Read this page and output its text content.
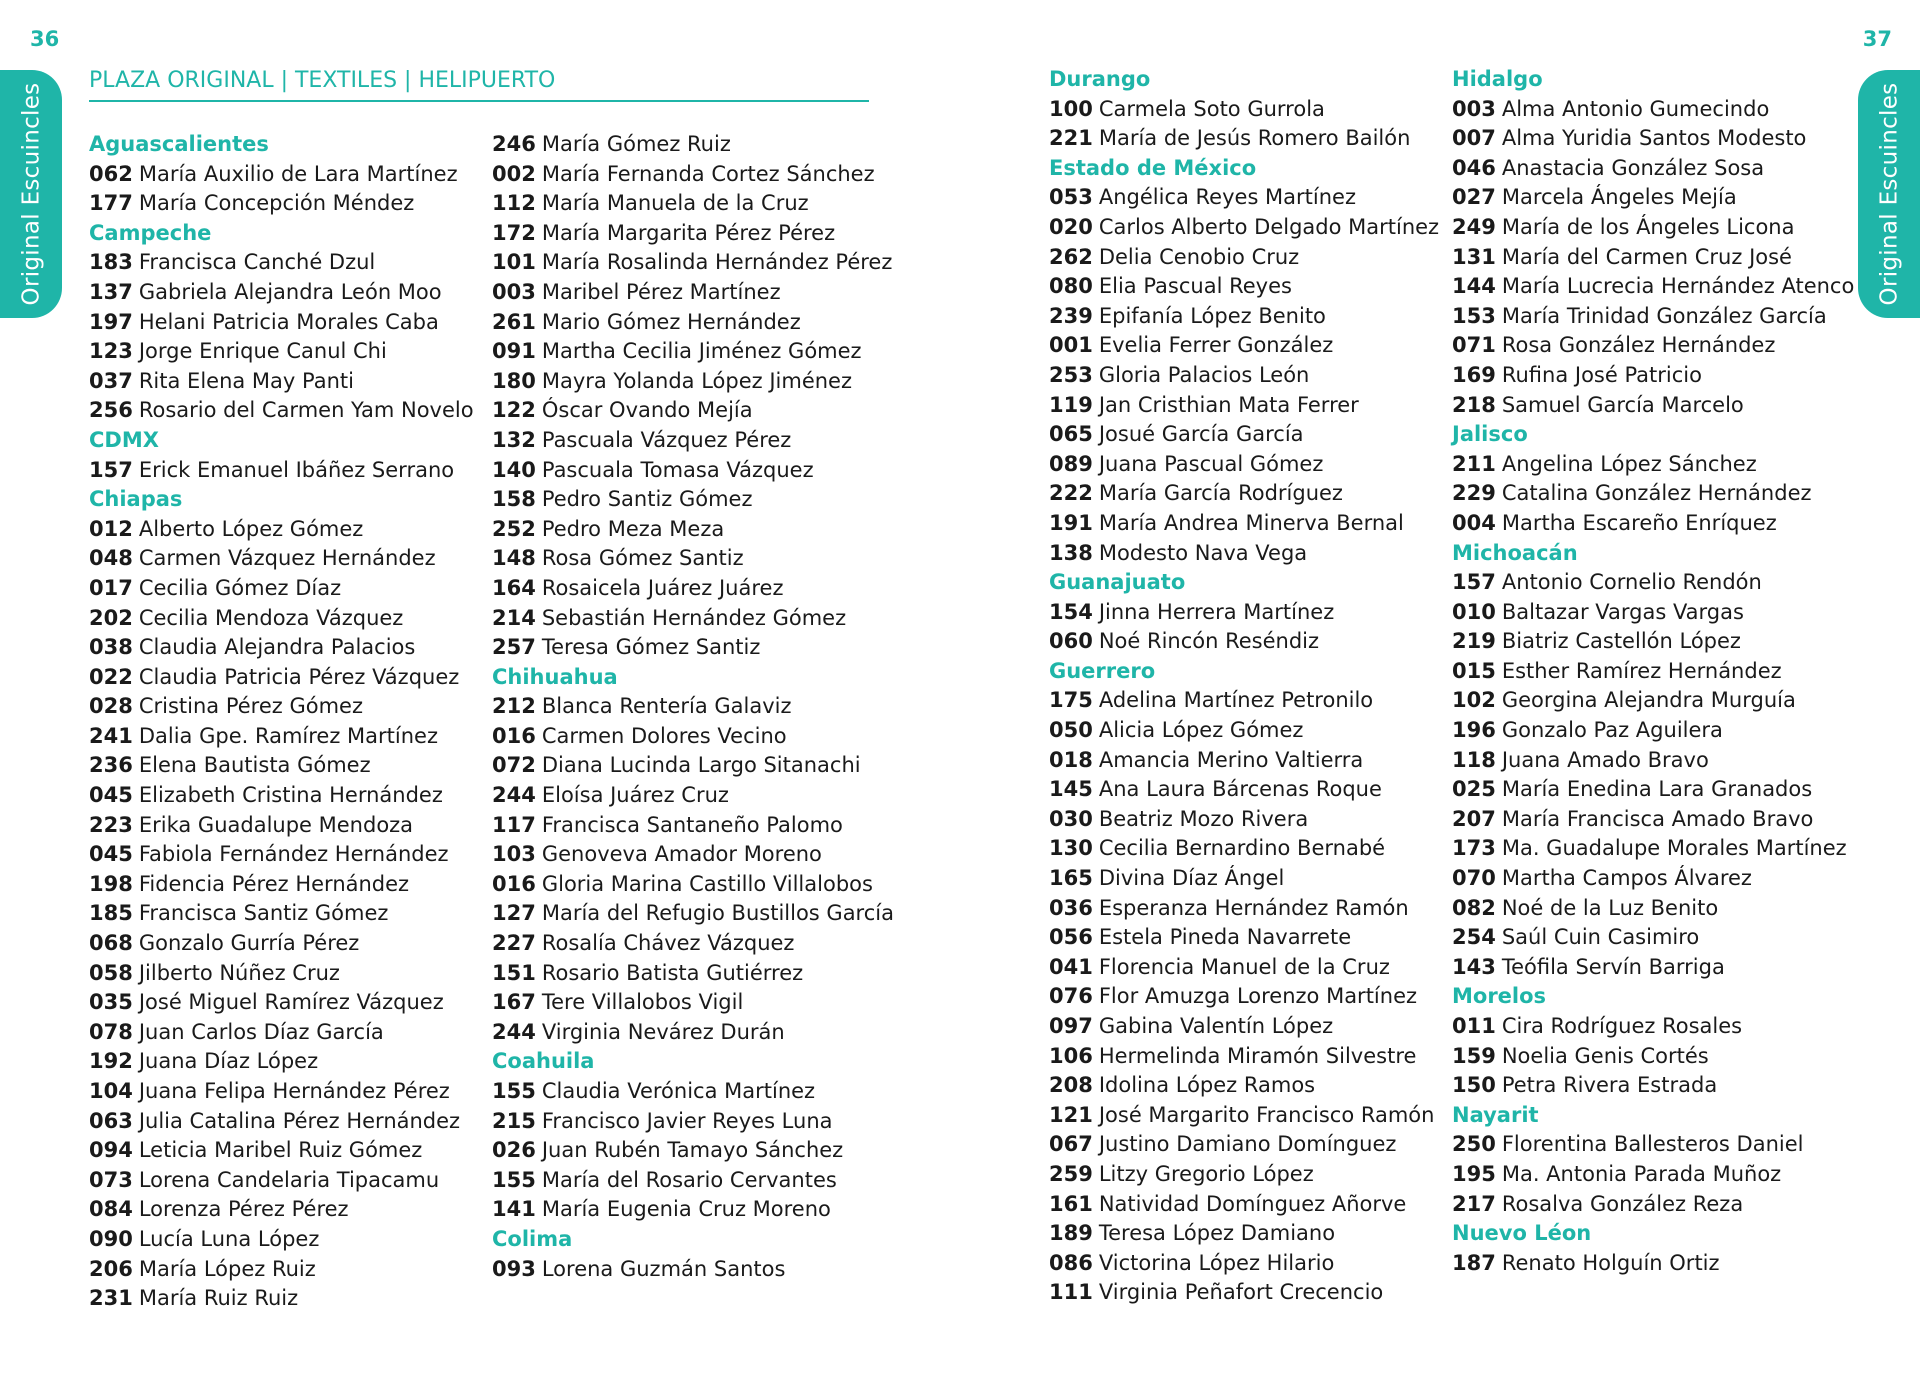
36	37
Original Escuincles	Original Escuincles
PLAZA ORIGINAL | TEXTILES | HELIPUERTO
Aguascalientes
062 María Auxilio de Lara Martínez
177 María Concepción Méndez
Campeche
183 Francisca Canché Dzul
137 Gabriela Alejandra León Moo
197 Helani Patricia Morales Caba
123 Jorge Enrique Canul Chi
037 Rita Elena May Panti
256 Rosario del Carmen Yam Novelo
CDMX
157 Erick Emanuel Ibáñez Serrano
Chiapas
012 Alberto López Gómez
048 Carmen Vázquez Hernández
017 Cecilia Gómez Díaz
202 Cecilia Mendoza Vázquez
038 Claudia Alejandra Palacios
022 Claudia Patricia Pérez Vázquez
028 Cristina Pérez Gómez
241 Dalia Gpe. Ramírez Martínez
236 Elena Bautista Gómez
045 Elizabeth Cristina Hernández
223 Erika Guadalupe Mendoza
045 Fabiola Fernández Hernández
198 Fidencia Pérez Hernández
185 Francisca Santiz Gómez
068 Gonzalo Gurría Pérez
058 Jilberto Núñez Cruz
035 José Miguel Ramírez Vázquez
078 Juan Carlos Díaz García
192 Juana Díaz López
104 Juana Felipa Hernández Pérez
063 Julia Catalina Pérez Hernández
094 Leticia Maribel Ruiz Gómez
073 Lorena Candelaria Tipacamu
084 Lorenza Pérez Pérez
090 Lucía Luna López
206 María López Ruiz
231 María Ruiz Ruiz
246 María Gómez Ruiz
002 María Fernanda Cortez Sánchez
112 María Manuela de la Cruz
172 María Margarita Pérez Pérez
101 María Rosalinda Hernández Pérez
003 Maribel Pérez Martínez
261 Mario Gómez Hernández
091 Martha Cecilia Jiménez Gómez
180 Mayra Yolanda López Jiménez
122 Óscar Ovando Mejía
132 Pascuala Vázquez Pérez
140 Pascuala Tomasa Vázquez
158 Pedro Santiz Gómez
252 Pedro Meza Meza
148 Rosa Gómez Santiz
164 Rosaicela Juárez Juárez
214 Sebastián Hernández Gómez
257 Teresa Gómez Santiz
Chihuahua
212 Blanca Rentería Galaviz
016 Carmen Dolores Vecino
072 Diana Lucinda Largo Sitanachi
244 Eloísa Juárez Cruz
117 Francisca Santaneño Palomo
103 Genoveva Amador Moreno
016 Gloria Marina Castillo Villalobos
127 María del Refugio Bustillos García
227 Rosalía Chávez Vázquez
151 Rosario Batista Gutiérrez
167 Tere Villalobos Vigil
244 Virginia Nevárez Durán
Coahuila
155 Claudia Verónica Martínez
215 Francisco Javier Reyes Luna
026 Juan Rubén Tamayo Sánchez
155 María del Rosario Cervantes
141 María Eugenia Cruz Moreno
Colima
093 Lorena Guzmán Santos
Durango
100 Carmela Soto Gurrola
221 María de Jesús Romero Bailón
Estado de México
053 Angélica Reyes Martínez
020 Carlos Alberto Delgado Martínez
262 Delia Cenobio Cruz
080 Elia Pascual Reyes
239 Epifanía López Benito
001 Evelia Ferrer González
253 Gloria Palacios León
119 Jan Cristhian Mata Ferrer
065 Josué García García
089 Juana Pascual Gómez
222 María García Rodríguez
191 María Andrea Minerva Bernal
138 Modesto Nava Vega
Guanajuato
154 Jinna Herrera Martínez
060 Noé Rincón Reséndiz
Guerrero
175 Adelina Martínez Petronilo
050 Alicia López Gómez
018 Amancia Merino Valtierra
145 Ana Laura Bárcenas Roque
030 Beatriz Mozo Rivera
130 Cecilia Bernardino Bernabé
165 Divina Díaz Ángel
036 Esperanza Hernández Ramón
056 Estela Pineda Navarrete
041 Florencia Manuel de la Cruz
076 Flor Amuzga Lorenzo Martínez
097 Gabina Valentín López
106 Hermelinda Miramón Silvestre
208 Idolina López Ramos
121 José Margarito Francisco Ramón
067 Justino Damiano Domínguez
259 Litzy Gregorio López
161 Natividad Domínguez Añorve
189 Teresa López Damiano
086 Victorina López Hilario
111 Virginia Peñafort Crecencio
Hidalgo
003 Alma Antonio Gumecindo
007 Alma Yuridia Santos Modesto
046 Anastacia González Sosa
027 Marcela Ángeles Mejía
249 María de los Ángeles Licona
131 María del Carmen Cruz José
144 María Lucrecia Hernández Atenco
153 María Trinidad González García
071 Rosa González Hernández
169 Rufina José Patricio
218 Samuel García Marcelo
Jalisco
211 Angelina López Sánchez
229 Catalina González Hernández
004 Martha Escareño Enríquez
Michoacán
157 Antonio Cornelio Rendón
010 Baltazar Vargas Vargas
219 Biatriz Castellón López
015 Esther Ramírez Hernández
102 Georgina Alejandra Murguía
196 Gonzalo Paz Aguilera
118 Juana Amado Bravo
025 María Enedina Lara Granados
207 María Francisca Amado Bravo
173 Ma. Guadalupe Morales Martínez
070 Martha Campos Álvarez
082 Noé de la Luz Benito
254 Saúl Cuin Casimiro
143 Teófila Servín Barriga
Morelos
011 Cira Rodríguez Rosales
159 Noelia Genis Cortés
150 Petra Rivera Estrada
Nayarit
250 Florentina Ballesteros Daniel
195 Ma. Antonia Parada Muñoz
217 Rosalva González Reza
Nuevo Léon
187 Renato Holguín Ortiz
